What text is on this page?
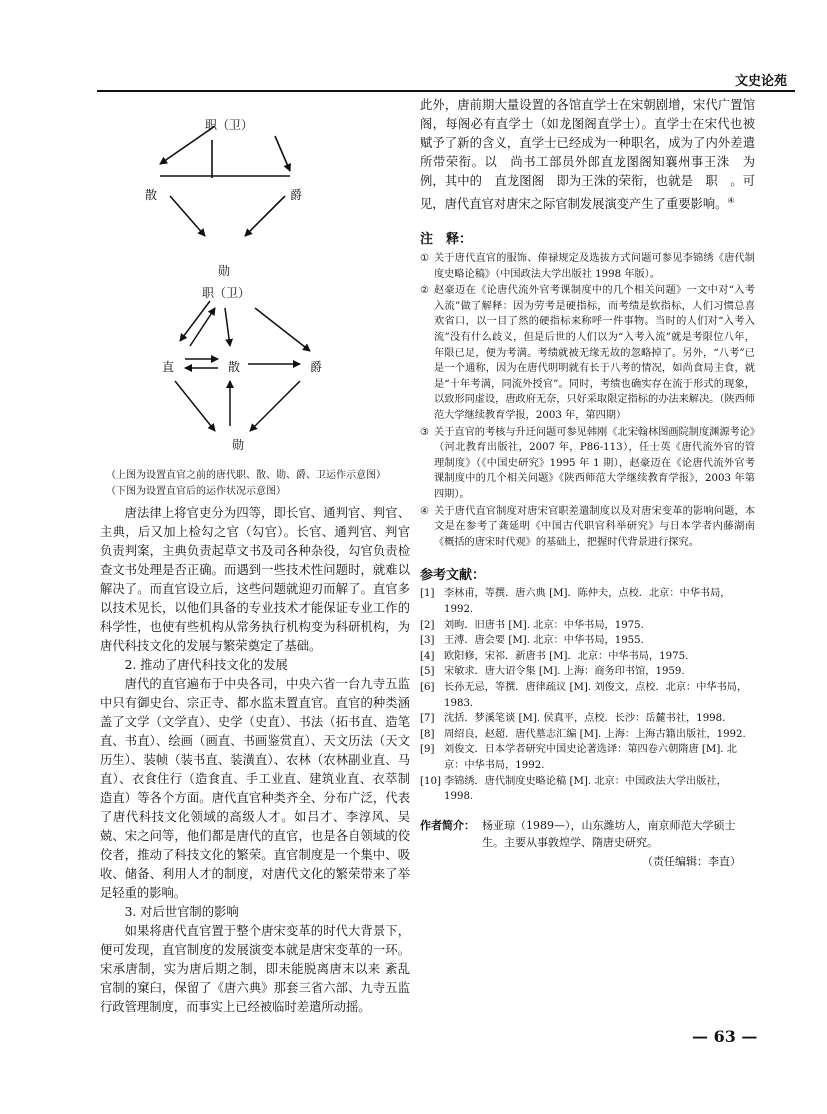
文史论苑
职（卫）
散	爵
勋
职（卫）
直	散	爵
勋
（上图为设置直官之前的唐代职、散、勋、爵、卫运作示意图）
（下图为设置直官后的运作状况示意图）

唐法律上将官吏分为四等，即长官、通判官、判官、主典，后又加上检勾之官（勾官）。长官、通判官、判官负责判案，主典负责起草文书及司各种杂役，勾官负责检查文书处理是否正确。而遇到一些技术性问题时，就难以解决了。而直官设立后，这些问题就迎刃而解了。直官多以技术见长，以他们具备的专业技术才能保证专业工作的科学性，也使有些机构从常务执行机构变为科研机构，为唐代科技文化的发展与繁荣奠定了基础。

2. 推动了唐代科技文化的发展

唐代的直官遍布于中央各司，中央六省一台九寺五监中只有御史台、宗正寺、都水监未置直官。直官的种类涵盖了文学（文学直）、史学（史直）、书法（拓书直、造笔直、书直）、绘画（画直、书画鉴赏直）、天文历法（天文历生）、装帧（装书直、装潢直）、农林（农林副业直、马直）、衣食住行（造食直、手工业直、建筑业直、衣萃制造直）等各个方面。唐代直官种类齐全、分布广泛，代表了唐代科技文化领域的高级人才。如吕才、李淳风、吴兢、宋之问等，他们都是唐代的直官，也是各自领域的佼佼者，推动了科技文化的繁荣。直官制度是一个集中、吸收、储备、利用人才的制度，对唐代文化的繁荣带来了举足轻重的影响。

3. 对后世官制的影响

如果将唐代直官置于整个唐宋变革的时代大背景下，便可发现，直官制度的发展演变本就是唐宋变革的一环。宋承唐制，实为唐后期之制，即未能脱离唐末以来 紊乱　官制的窠臼，保留了《唐六典》那套三省六部、九寺五监行政管理制度，而事实上已经被临时差遣所动摇。

此外，唐前期大量设置的各馆直学士在宋朝剧增，宋代广置馆阁，每阁必有直学士（如龙图阁直学士）。直学士在宋代也被赋予了新的含义，直学士已经成为一种职名，成为了内外差遣所带荣衔。以　尚书工部员外郎直龙图阁知襄州事王洙　为例，其中的　直龙图阁　即为王洙的荣衔，也就是　职　。可见，唐代直官对唐宋之际官制发展演变产生了重要影响。④

注　释：
① 关于唐代直官的服饰、俸禄规定及选拔方式问题可参见李锦绣《唐代制度史略论稿》（中国政法大学出版社 1998 年版）。
② 赵豪迈在《论唐代流外官考课制度中的几个相关问题》一文中对“入考入流”做了解释：因为劳考是硬指标，而考绩是软指标，人们习惯总喜欢省口，以一目了然的硬指标来称呼一件事物。当时的人们对“入考入流”没有什么歧义，但是后世的人们以为“入考入流”就是考限位八年，年限已足，便为考满。考绩就被无缘无故的忽略掉了。另外，“八考”已是一个通称，因为在唐代明明就有长于八考的情况，如尚食局主食，就是“十年考满，同流外授官”。同时，考绩也确实存在流于形式的现象，以致形同虚设，唐政府无奈，只好采取限定指标的办法来解决。（陕西师范大学继续教育学报，2003 年，第四期）
③ 关于直官的考核与升迁问题可参见韩刚《北宋翰林图画院制度渊源考论》（河北教育出版社，2007 年，P86-113），任士英《唐代流外官的管理制度》（《中国史研究》1995 年 1 期），赵豪迈在《论唐代流外官考课制度中的几个相关问题》《陕西师范大学继续教育学报》，2003 年第四期）。
④ 关于唐代直官制度对唐宋官职差遣制度以及对唐宋变革的影响问题，本文是在参考了龚延明《中国古代职官科举研究》与日本学者内藤湖南《概括的唐宋时代观》的基础上，把握时代背景进行探究。
参考文献：
[1] 李林甫，等撰．唐六典 [M]．陈仲夫，点校．北京：中华书局，1992.
[2] 刘昫．旧唐书 [M]. 北京：中华书局，1975.
[3] 王溥．唐会要 [M]. 北京：中华书局，1955.
[4] 欧阳修，宋祁．新唐书 [M]．北京：中华书局，1975.
[5] 宋敏求．唐大诏令集 [M]. 上海：商务印书馆，1959.
[6] 长孙无忌，等撰．唐律疏议 [M]. 刘俊文，点校．北京：中华书局，1983.
[7] 沈括．梦溪笔谈 [M]. 侯真平，点校．长沙：岳麓书社，1998.
[8] 周绍良，赵超．唐代墓志汇编 [M]. 上海：上海古籍出版社，1992.
[9] 刘俊文．日本学者研究中国史论著选译：第四卷六朝隋唐 [M]. 北京：中华书局，1992.
[10] 李锦绣．唐代制度史略论稿 [M]. 北京：中国政法大学出版社，1998.
作者简介： 杨亚琼（1989—），山东潍坊人，南京师范大学硕士生。主要从事敦煌学、隋唐史研究。
（责任编辑：李直）
— 63 —
